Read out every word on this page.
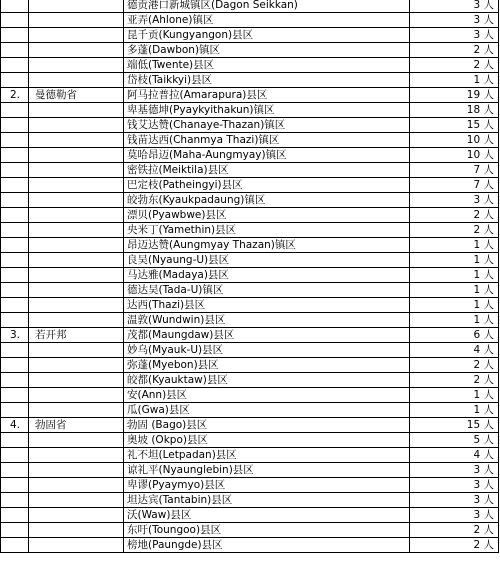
		德贡港口新城镇区(Dagon Seikkan)	3 人
		亚弄(Ahlone)镇区	3 人
		昆千贡(Kungyangon)县区	3 人
		多蓬(Dawbon)镇区	2 人
		端低(Twente)县区	2 人
		岱枝(Taikkyi)县区	1 人
2.	曼德勒省	阿马拉普拉(Amarapura)县区	19 人
		卑基德坤(Pyaykyithakun)镇区	18 人
		钱艾达赞(Chanaye-Thazan)镇区	15 人
		钱苗达西(Chanmya Thazi)镇区	10 人
		莫哈昂迈(Maha-Aungmyay)镇区	10 人
		密铁拉(Meiktila)县区	7 人
		巴定枝(Patheingyi)县区	7 人
		皎勃东(Kyaukpadaung)镇区	3 人
		漂贝(Pyawbwe)县区	2 人
		央米丁(Yamethin)县区	2 人
		昂迈达赞(Aungmyay Thazan)镇区	1 人
		良吴(Nyaung-U)县区	1 人
		马达雅(Madaya)县区	1 人
		德达吴(Tada-U)镇区	1 人
		达西(Thazi)县区	1 人
		温敦(Wundwin)县区	1 人
3.	若开邦	茂都(Maungdaw)县区	6 人
		妙乌(Myauk-U)县区	4 人
		弥蓬(Myebon)县区	2 人
		皎都(Kyauktaw)县区	2 人
		安(Ann)县区	1 人
		瓜(Gwa)县区	1 人
4.	勃固省	勃固 (Bago)县区	15 人
		奥坡 (Okpo)县区	5 人
		礼不坦(Letpadan)县区	4 人
		谅礼平(Nyaunglebin)县区	3 人
		卑谬(Pyaymyo)县区	3 人
		坦达宾(Tantabin)县区	3 人
		沃(Waw)县区	3 人
		东吁(Toungoo)县区	2 人
		榜地(Paungde)县区	2 人
